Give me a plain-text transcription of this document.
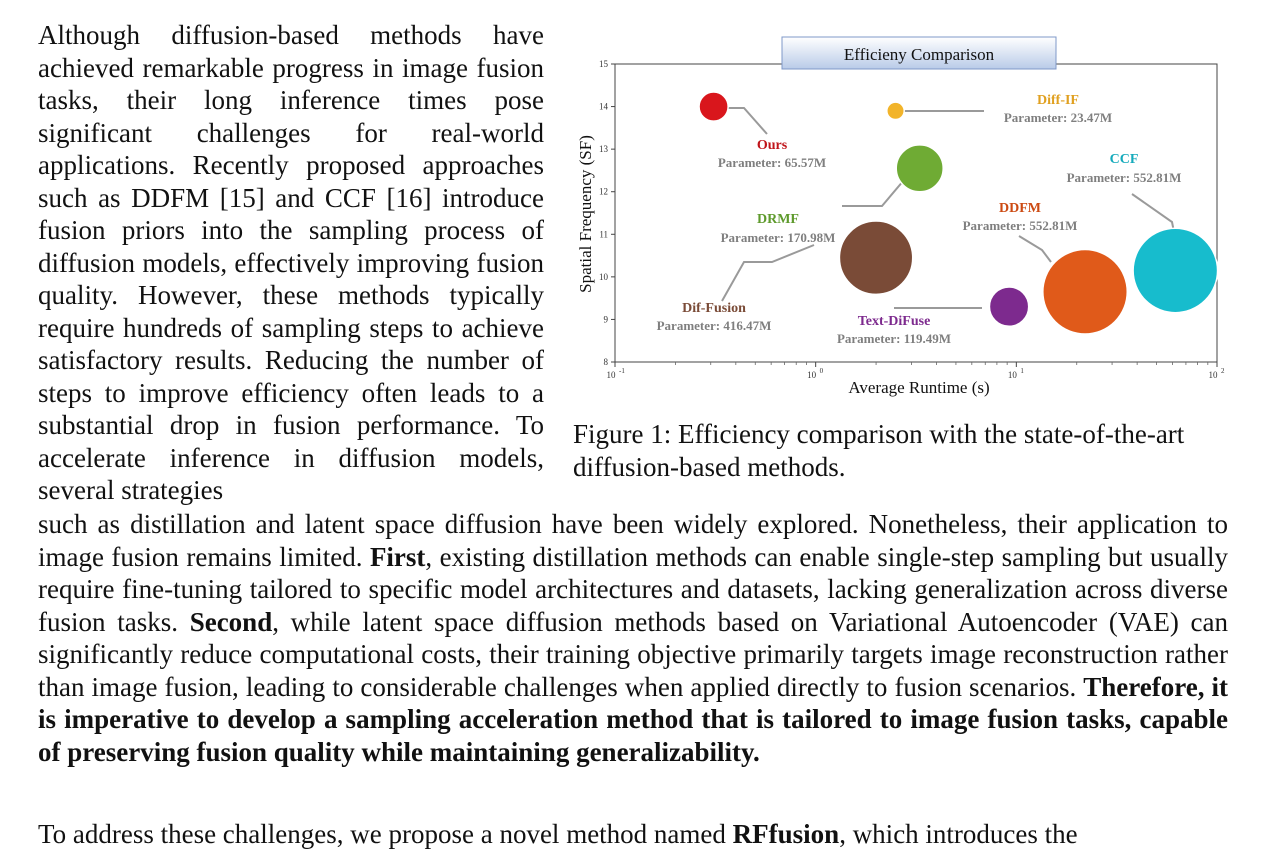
Although diffusion-based methods have achieved remarkable progress in image fusion tasks, their long inference times pose significant challenges for real-world applications. Recently proposed approaches such as DDFM [15] and CCF [16] introduce fusion priors into the sampling process of diffusion models, effectively improving fusion quality. However, these methods typically require hundreds of sampling steps to achieve satisfactory results. Reducing the number of steps to improve efficiency often leads to a substantial drop in fusion performance. To accelerate inference in diffusion models, several strategies
Efficieny Comparison
8
9
10
11
12
13
14
15
10 -1	10 0	10 1	10 2
Ours
Parameter: 65.57M
Diff-IF
Parameter: 23.47M
DRMF
Parameter: 170.98M
CCF
Parameter: 552.81M
DDFM
Parameter: 552.81M
Dif-Fusion
Parameter: 416.47M	Text-DiFuse
Parameter: 119.49M
Average Runtime (s)
Spatial Frequency (SF)
Figure 1: Efficiency comparison with the state-of-the-art diffusion-based methods.
such as distillation and latent space diffusion have been widely explored. Nonetheless, their application to image fusion remains limited. First, existing distillation methods can enable single-step sampling but usually require fine-tuning tailored to specific model architectures and datasets, lacking generalization across diverse fusion tasks. Second, while latent space diffusion methods based on Variational Autoencoder (VAE) can significantly reduce computational costs, their training objective primarily targets image reconstruction rather than image fusion, leading to considerable challenges when applied directly to fusion scenarios. Therefore, it is imperative to develop a sampling acceleration method that is tailored to image fusion tasks, capable of preserving fusion quality while maintaining generalizability.
To address these challenges, we propose a novel method named RFfusion, which introduces the
